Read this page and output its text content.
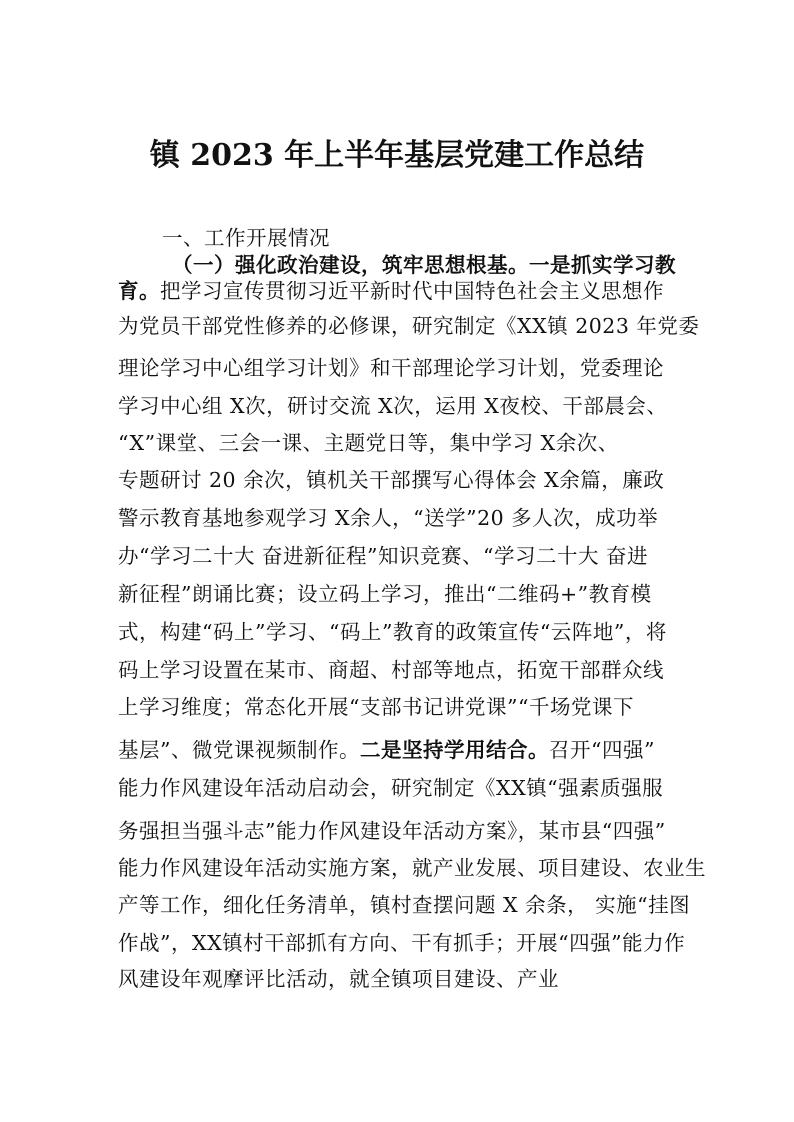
镇 2023 年上半年基层党建工作总结
一、工作开展情况
（一）强化政治建设，筑牢思想根基。一是抓实学习教
育。把学习宣传贯彻习近平新时代中国特色社会主义思想作
为党员干部党性修养的必修课，研究制定《XX镇 2023 年党委
理论学习中心组学习计划》和干部理论学习计划，党委理论
学习中心组 X次，研讨交流 X次，运用 X夜校、干部晨会、
“X”课堂、三会一课、主题党日等，集中学习 X余次、
专题研讨 20 余次，镇机关干部撰写心得体会 X余篇，廉政
警示教育基地参观学习 X余人，“送学”20 多人次，成功举
办“学习二十大 奋进新征程”知识竞赛、“学习二十大 奋进
新征程”朗诵比赛；设立码上学习，推出“二维码+”教育模
式，构建“码上”学习、“码上”教育的政策宣传“云阵地”，将
码上学习设置在某市、商超、村部等地点，拓宽干部群众线
上学习维度；常态化开展“支部书记讲党课”“千场党课下
基层”、微党课视频制作。二是坚持学用结合。召开“四强”
能力作风建设年活动启动会，研究制定《XX镇“强素质强服
务强担当强斗志”能力作风建设年活动方案》，某市县“四强”
能力作风建设年活动实施方案，就产业发展、项目建设、农业生
产等工作，细化任务清单，镇村查摆问题 X 余条， 实施“挂图
作战”，XX镇村干部抓有方向、干有抓手；开展“四强”能力作
风建设年观摩评比活动，就全镇项目建设、产业
